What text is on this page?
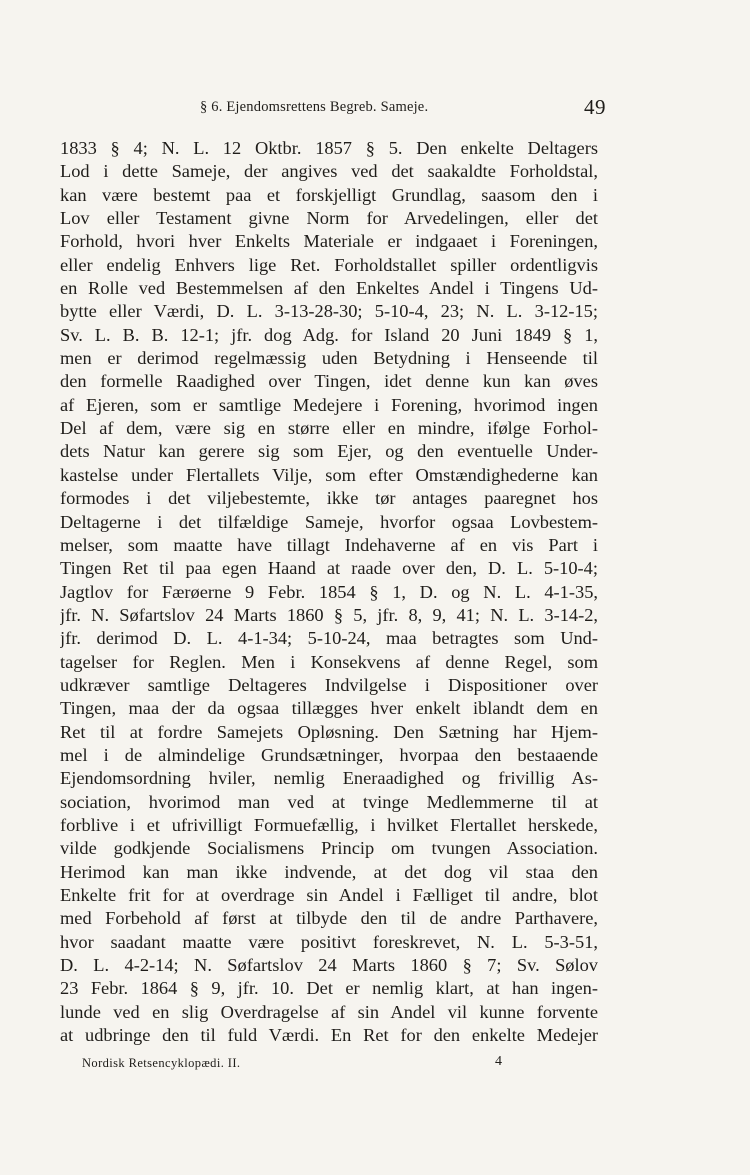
§ 6. Ejendomsrettens Begreb. Sameje.	49
1833 § 4; N. L. 12 Oktbr. 1857 § 5. Den enkelte Deltagers
Lod i dette Sameje, der angives ved det saakaldte Forholdstal,
kan være bestemt paa et forskjelligt Grundlag, saasom den i
Lov eller Testament givne Norm for Arvedelingen, eller det
Forhold, hvori hver Enkelts Materiale er indgaaet i Foreningen,
eller endelig Enhvers lige Ret. Forholdstallet spiller ordentligvis
en Rolle ved Bestemmelsen af den Enkeltes Andel i Tingens Ud-
bytte eller Værdi, D. L. 3-13-28-30; 5-10-4, 23; N. L. 3-12-15;
Sv. L. B. B. 12-1; jfr. dog Adg. for Island 20 Juni 1849 § 1,
men er derimod regelmæssig uden Betydning i Henseende til
den formelle Raadighed over Tingen, idet denne kun kan øves
af Ejeren, som er samtlige Medejere i Forening, hvorimod ingen
Del af dem, være sig en større eller en mindre, ifølge Forhol-
dets Natur kan gerere sig som Ejer, og den eventuelle Under-
kastelse under Flertallets Vilje, som efter Omstændighederne kan
formodes i det viljebestemte, ikke tør antages paaregnet hos
Deltagerne i det tilfældige Sameje, hvorfor ogsaa Lovbestem-
melser, som maatte have tillagt Indehaverne af en vis Part i
Tingen Ret til paa egen Haand at raade over den, D. L. 5-10-4;
Jagtlov for Færøerne 9 Febr. 1854 § 1, D. og N. L. 4-1-35,
jfr. N. Søfartslov 24 Marts 1860 § 5, jfr. 8, 9, 41; N. L. 3-14-2,
jfr. derimod D. L. 4-1-34; 5-10-24, maa betragtes som Und-
tagelser for Reglen. Men i Konsekvens af denne Regel, som
udkræver samtlige Deltageres Indvilgelse i Dispositioner over
Tingen, maa der da ogsaa tillægges hver enkelt iblandt dem en
Ret til at fordre Samejets Opløsning. Den Sætning har Hjem-
mel i de almindelige Grundsætninger, hvorpaa den bestaaende
Ejendomsordning hviler, nemlig Eneraadighed og frivillig As-
sociation, hvorimod man ved at tvinge Medlemmerne til at
forblive i et ufrivilligt Formuefællig, i hvilket Flertallet herskede,
vilde godkjende Socialismens Princip om tvungen Association.
Herimod kan man ikke indvende, at det dog vil staa den
Enkelte frit for at overdrage sin Andel i Fælliget til andre, blot
med Forbehold af først at tilbyde den til de andre Parthavere,
hvor saadant maatte være positivt foreskrevet, N. L. 5-3-51,
D. L. 4-2-14; N. Søfartslov 24 Marts 1860 § 7; Sv. Sølov
23 Febr. 1864 § 9, jfr. 10. Det er nemlig klart, at han ingen-
lunde ved en slig Overdragelse af sin Andel vil kunne forvente
at udbringe den til fuld Værdi. En Ret for den enkelte Medejer
Nordisk Retsencyklopædi. II.	4
